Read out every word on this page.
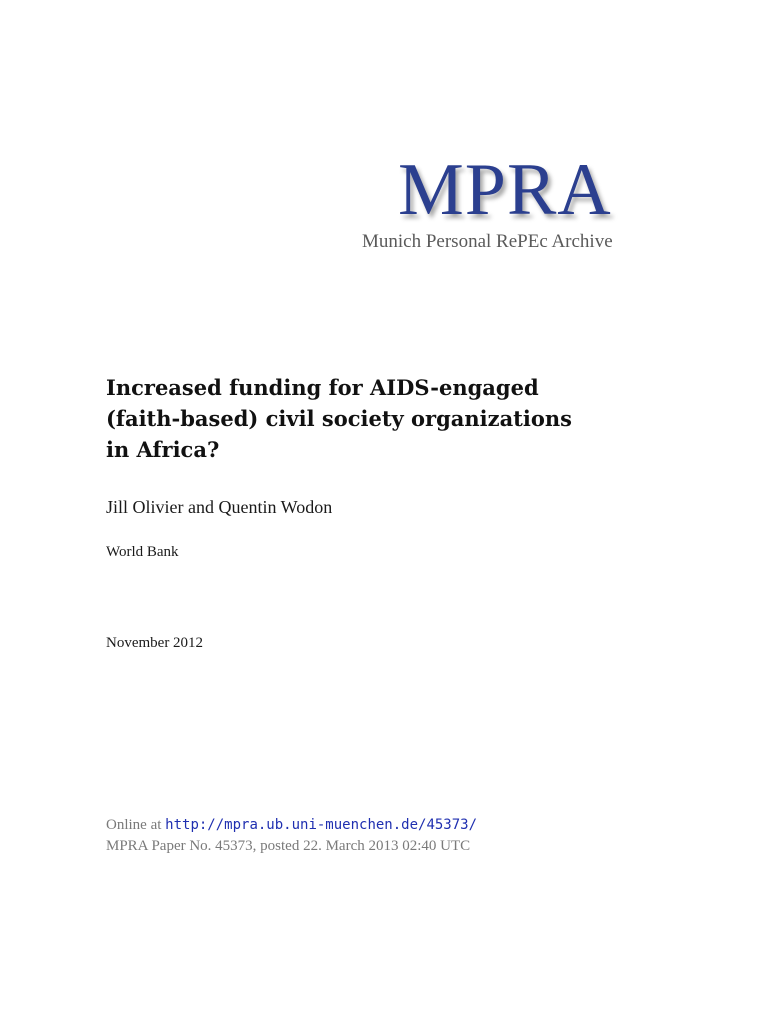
MPRA
Munich Personal RePEc Archive
Increased funding for AIDS-engaged
(faith-based) civil society organizations
in Africa?
Jill Olivier and Quentin Wodon
World Bank
November 2012
Online at http://mpra.ub.uni-muenchen.de/45373/
MPRA Paper No. 45373, posted 22. March 2013 02:40 UTC
